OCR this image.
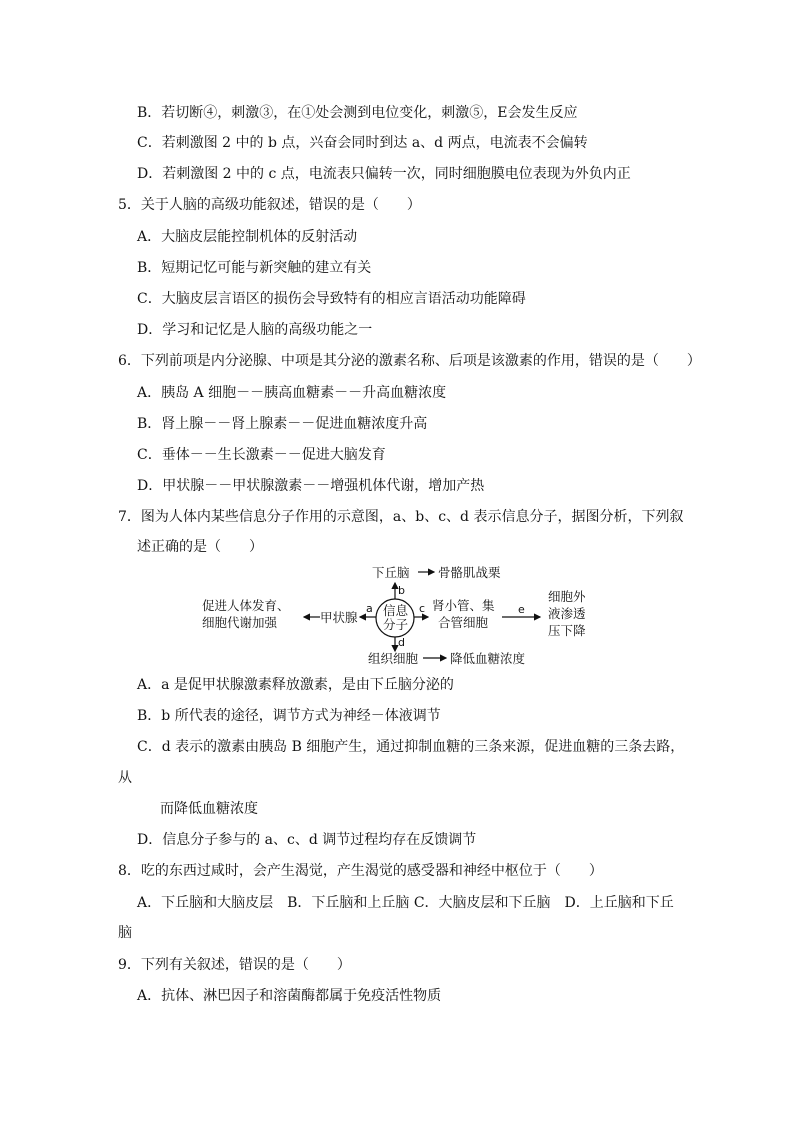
B．若切断④，刺激③，在①处会测到电位变化，刺激⑤，E会发生反应
C．若刺激图 2 中的 b 点，兴奋会同时到达 a、d 两点，电流表不会偏转
D．若刺激图 2 中的 c 点，电流表只偏转一次，同时细胞膜电位表现为外负内正
5．关于人脑的高级功能叙述，错误的是（　　）
A．大脑皮层能控制机体的反射活动
B．短期记忆可能与新突触的建立有关
C．大脑皮层言语区的损伤会导致特有的相应言语活动功能障碍
D．学习和记忆是人脑的高级功能之一
6．下列前项是内分泌腺、中项是其分泌的激素名称、后项是该激素的作用，错误的是（　　）
A．胰岛 A 细胞－－胰高血糖素－－升高血糖浓度
B．肾上腺－－肾上腺素－－促进血糖浓度升高
C．垂体－－生长激素－－促进大脑发育
D．甲状腺－－甲状腺激素－－增强机体代谢，增加产热
7．图为人体内某些信息分子作用的示意图，a、b、c、d 表示信息分子，据图分析，下列叙
述正确的是（　　）
下丘脑 骨骼肌战栗
b
信息
分子
促进人体发育、
细胞代谢加强	甲状腺
a	c 肾小管、集
合管细胞
e
细胞外
液渗透
压下降
d
组织细胞	降低血糖浓度
A．a 是促甲状腺激素释放激素，是由下丘脑分泌的
B．b 所代表的途径，调节方式为神经－体液调节
C．d 表示的激素由胰岛 B 细胞产生，通过抑制血糖的三条来源，促进血糖的三条去路，
从
而降低血糖浓度
D．信息分子参与的 a、c、d 调节过程均存在反馈调节
8．吃的东西过咸时，会产生渴觉，产生渴觉的感受器和神经中枢位于（　　）
A．下丘脑和大脑皮层　B．下丘脑和上丘脑 C．大脑皮层和下丘脑　D．上丘脑和下丘
脑
9．下列有关叙述，错误的是（　　）
A．抗体、淋巴因子和溶菌酶都属于免疫活性物质
